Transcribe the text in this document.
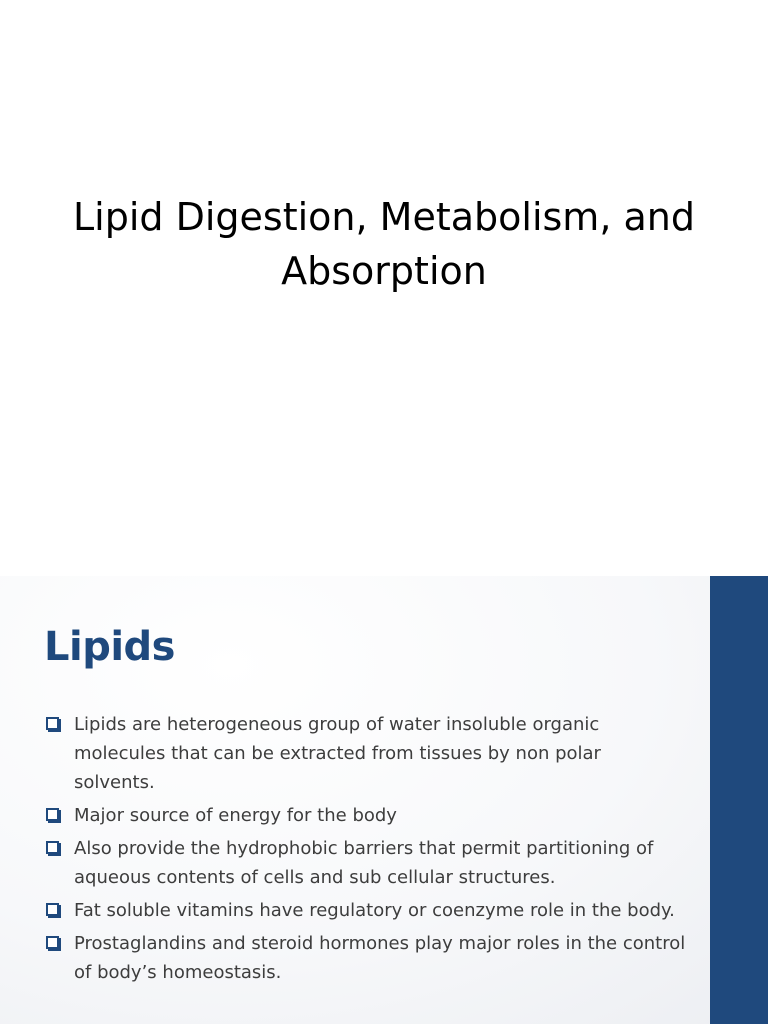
Lipid Digestion, Metabolism, and
Absorption
Lipids
Lipids are heterogeneous group of water insoluble organic molecules that can be extracted from tissues by non polar solvents.
Major source of energy for the body
Also provide the hydrophobic barriers that permit partitioning of aqueous contents of cells and sub cellular structures.
Fat soluble vitamins have regulatory or coenzyme role in the body.
Prostaglandins and steroid hormones play major roles in the control of body’s homeostasis.
